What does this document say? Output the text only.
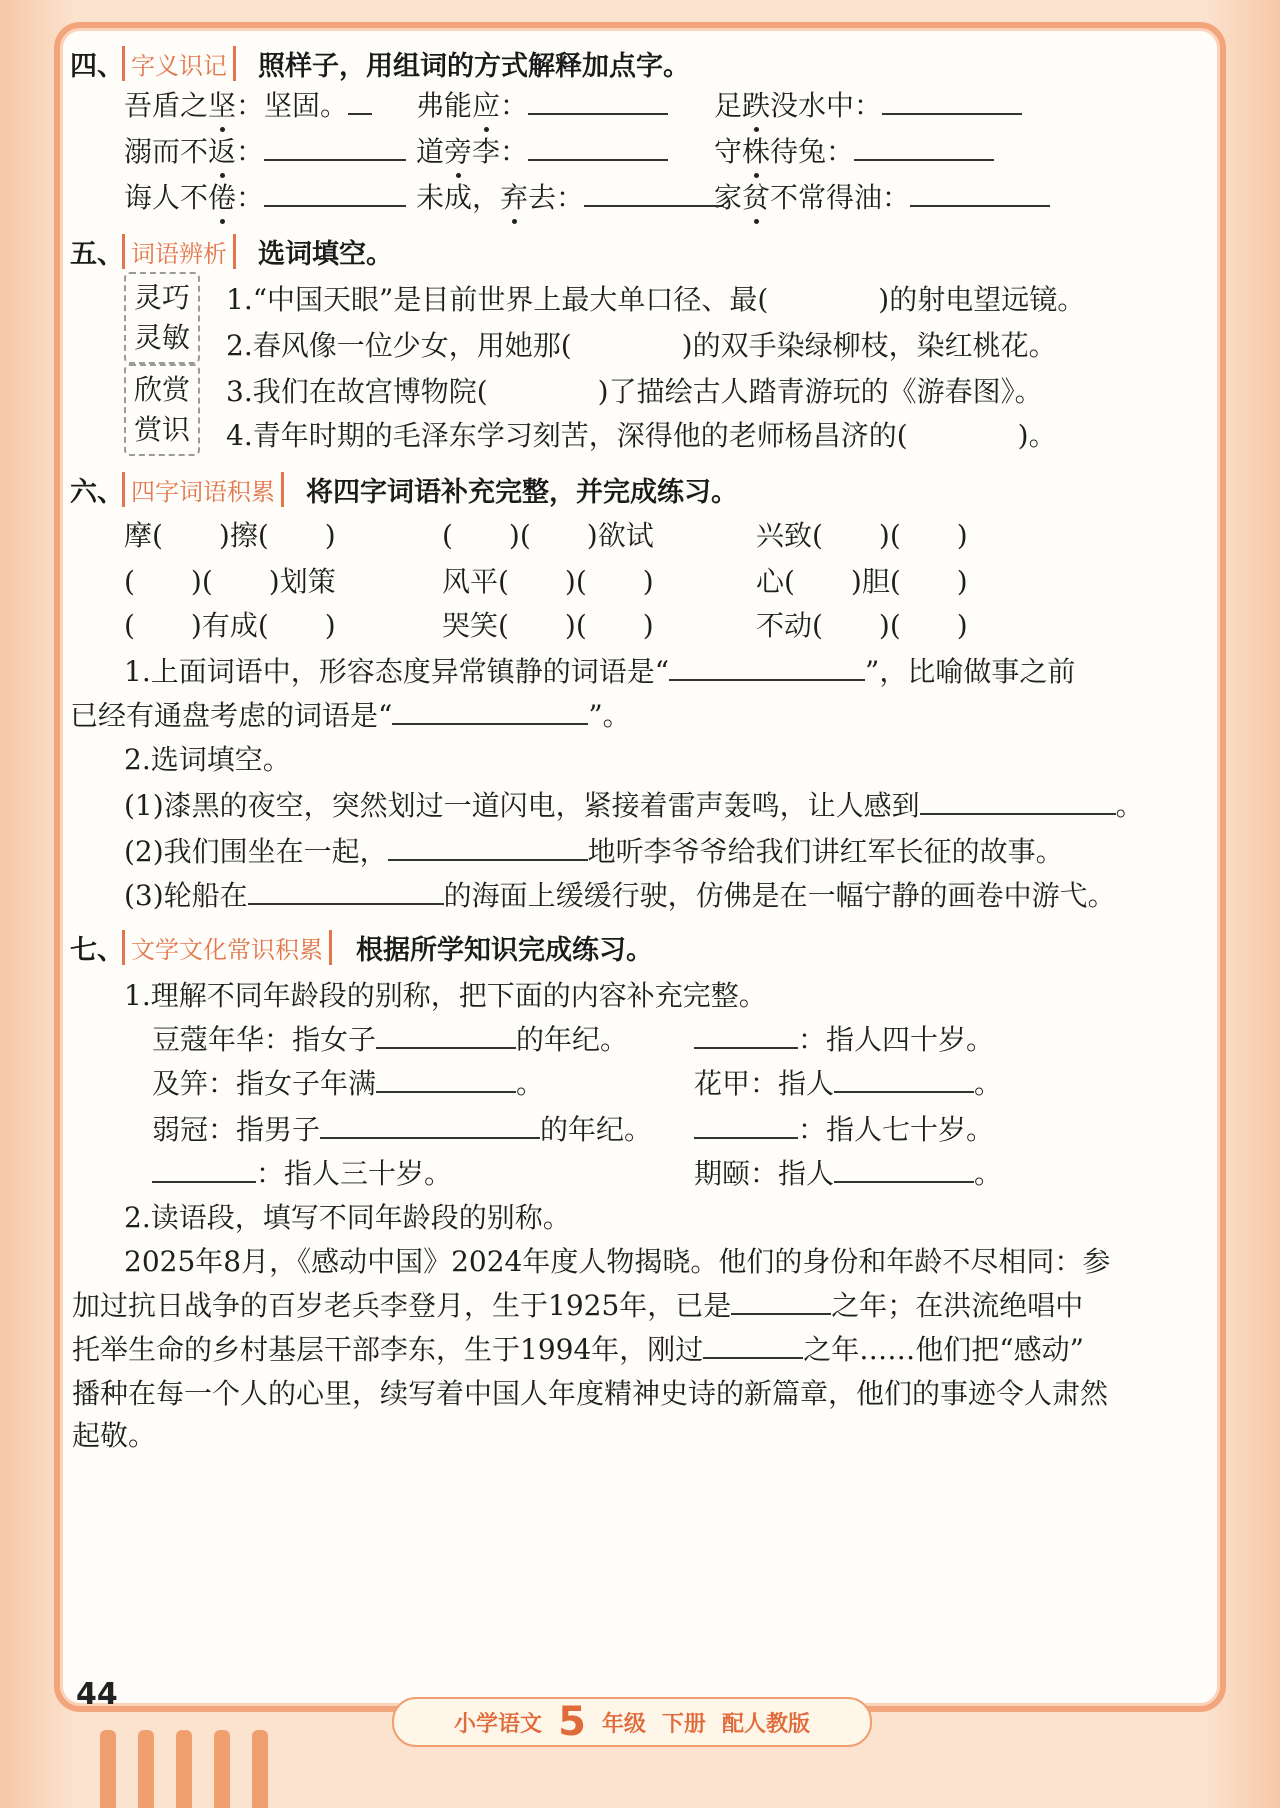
四、 字义识记	照样子，用组词的方式解释加点字。
吾盾之坚：坚固。	弗能应：	足跌没水中：
溺而不返：	道旁李：	守株待兔：
诲人不倦：	未成，弃去：	家贫不常得油：
五、 词语辨析	选词填空。
灵巧
灵敏
欣赏
赏识
1.“中国天眼”是目前世界上最大单口径、最(	)的射电望远镜。
2.春风像一位少女，用她那(	)的双手染绿柳枝，染红桃花。
3.我们在故宫博物院(	)了描绘古人踏青游玩的《游春图》。
4.青年时期的毛泽东学习刻苦，深得他的老师杨昌济的(	)。
六、 四字词语积累	将四字词语补充完整，并完成练习。
摩(　　)擦(　　)	(　　)(　　)欲试	兴致(　　)(　　)
(　　)(　　)划策	风平(　　)(　　)	心(　　)胆(　　)
(　　)有成(　　)	哭笑(　　)(　　)	不动(　　)(　　)
1.上面词语中，形容态度异常镇静的词语是“	”，比喻做事之前
已经有通盘考虑的词语是“	”。
2.选词填空。
(1)漆黑的夜空，突然划过一道闪电，紧接着雷声轰鸣，让人感到	。
(2)我们围坐在一起，	地听李爷爷给我们讲红军长征的故事。
(3)轮船在	的海面上缓缓行驶，仿佛是在一幅宁静的画卷中游弋。
七、 文学文化常识积累	根据所学知识完成练习。
1.理解不同年龄段的别称，把下面的内容补充完整。
豆蔻年华：指女子	的年纪。	：指人四十岁。
及笄：指女子年满	。	花甲：指人	。
弱冠：指男子	的年纪。	：指人七十岁。
：指人三十岁。	期颐：指人	。
2.读语段，填写不同年龄段的别称。
2025年8月，《感动中国》2024年度人物揭晓。他们的身份和年龄不尽相同：参
加过抗日战争的百岁老兵李登月，生于1925年，已是	之年；在洪流绝唱中
托举生命的乡村基层干部李东，生于1994年，刚过	之年……他们把“感动”
播种在每一个人的心里，续写着中国人年度精神史诗的新篇章，他们的事迹令人肃然
起敬。
44
小学语文 5 年级 下册 配人教版
